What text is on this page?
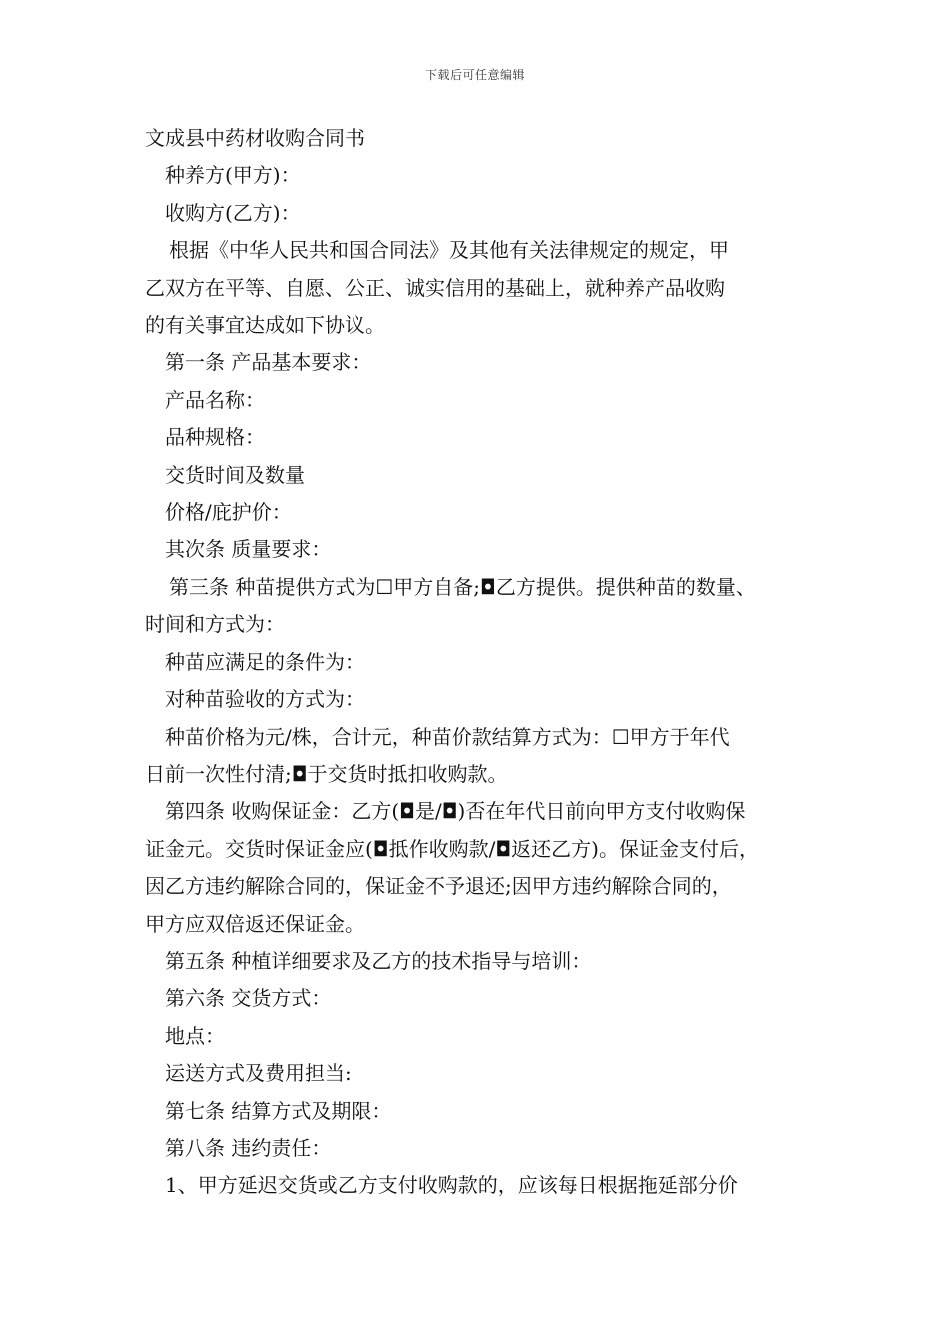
下载后可任意编辑
文成县中药材收购合同书
种养方(甲方)：
收购方(乙方)：
根据《中华人民共和国合同法》及其他有关法律规定的规定，甲
乙双方在平等、自愿、公正、诚实信用的基础上，就种养产品收购
的有关事宜达成如下协议。
第一条 产品基本要求：
产品名称：
品种规格：
交货时间及数量
价格/庇护价：
其次条 质量要求：
第三条 种苗提供方式为☐甲方自备;◘乙方提供。提供种苗的数量、
时间和方式为：
种苗应满足的条件为：
对种苗验收的方式为：
种苗价格为元/株，合计元，种苗价款结算方式为：☐甲方于年代
日前一次性付清;◘于交货时抵扣收购款。
第四条 收购保证金：乙方(◘是/◘)否在年代日前向甲方支付收购保
证金元。交货时保证金应(◘抵作收购款/◘返还乙方)。保证金支付后，
因乙方违约解除合同的，保证金不予退还;因甲方违约解除合同的，
甲方应双倍返还保证金。
第五条 种植详细要求及乙方的技术指导与培训：
第六条 交货方式：
地点：
运送方式及费用担当:
第七条 结算方式及期限：
第八条 违约责任：
1、甲方延迟交货或乙方支付收购款的，应该每日根据拖延部分价
